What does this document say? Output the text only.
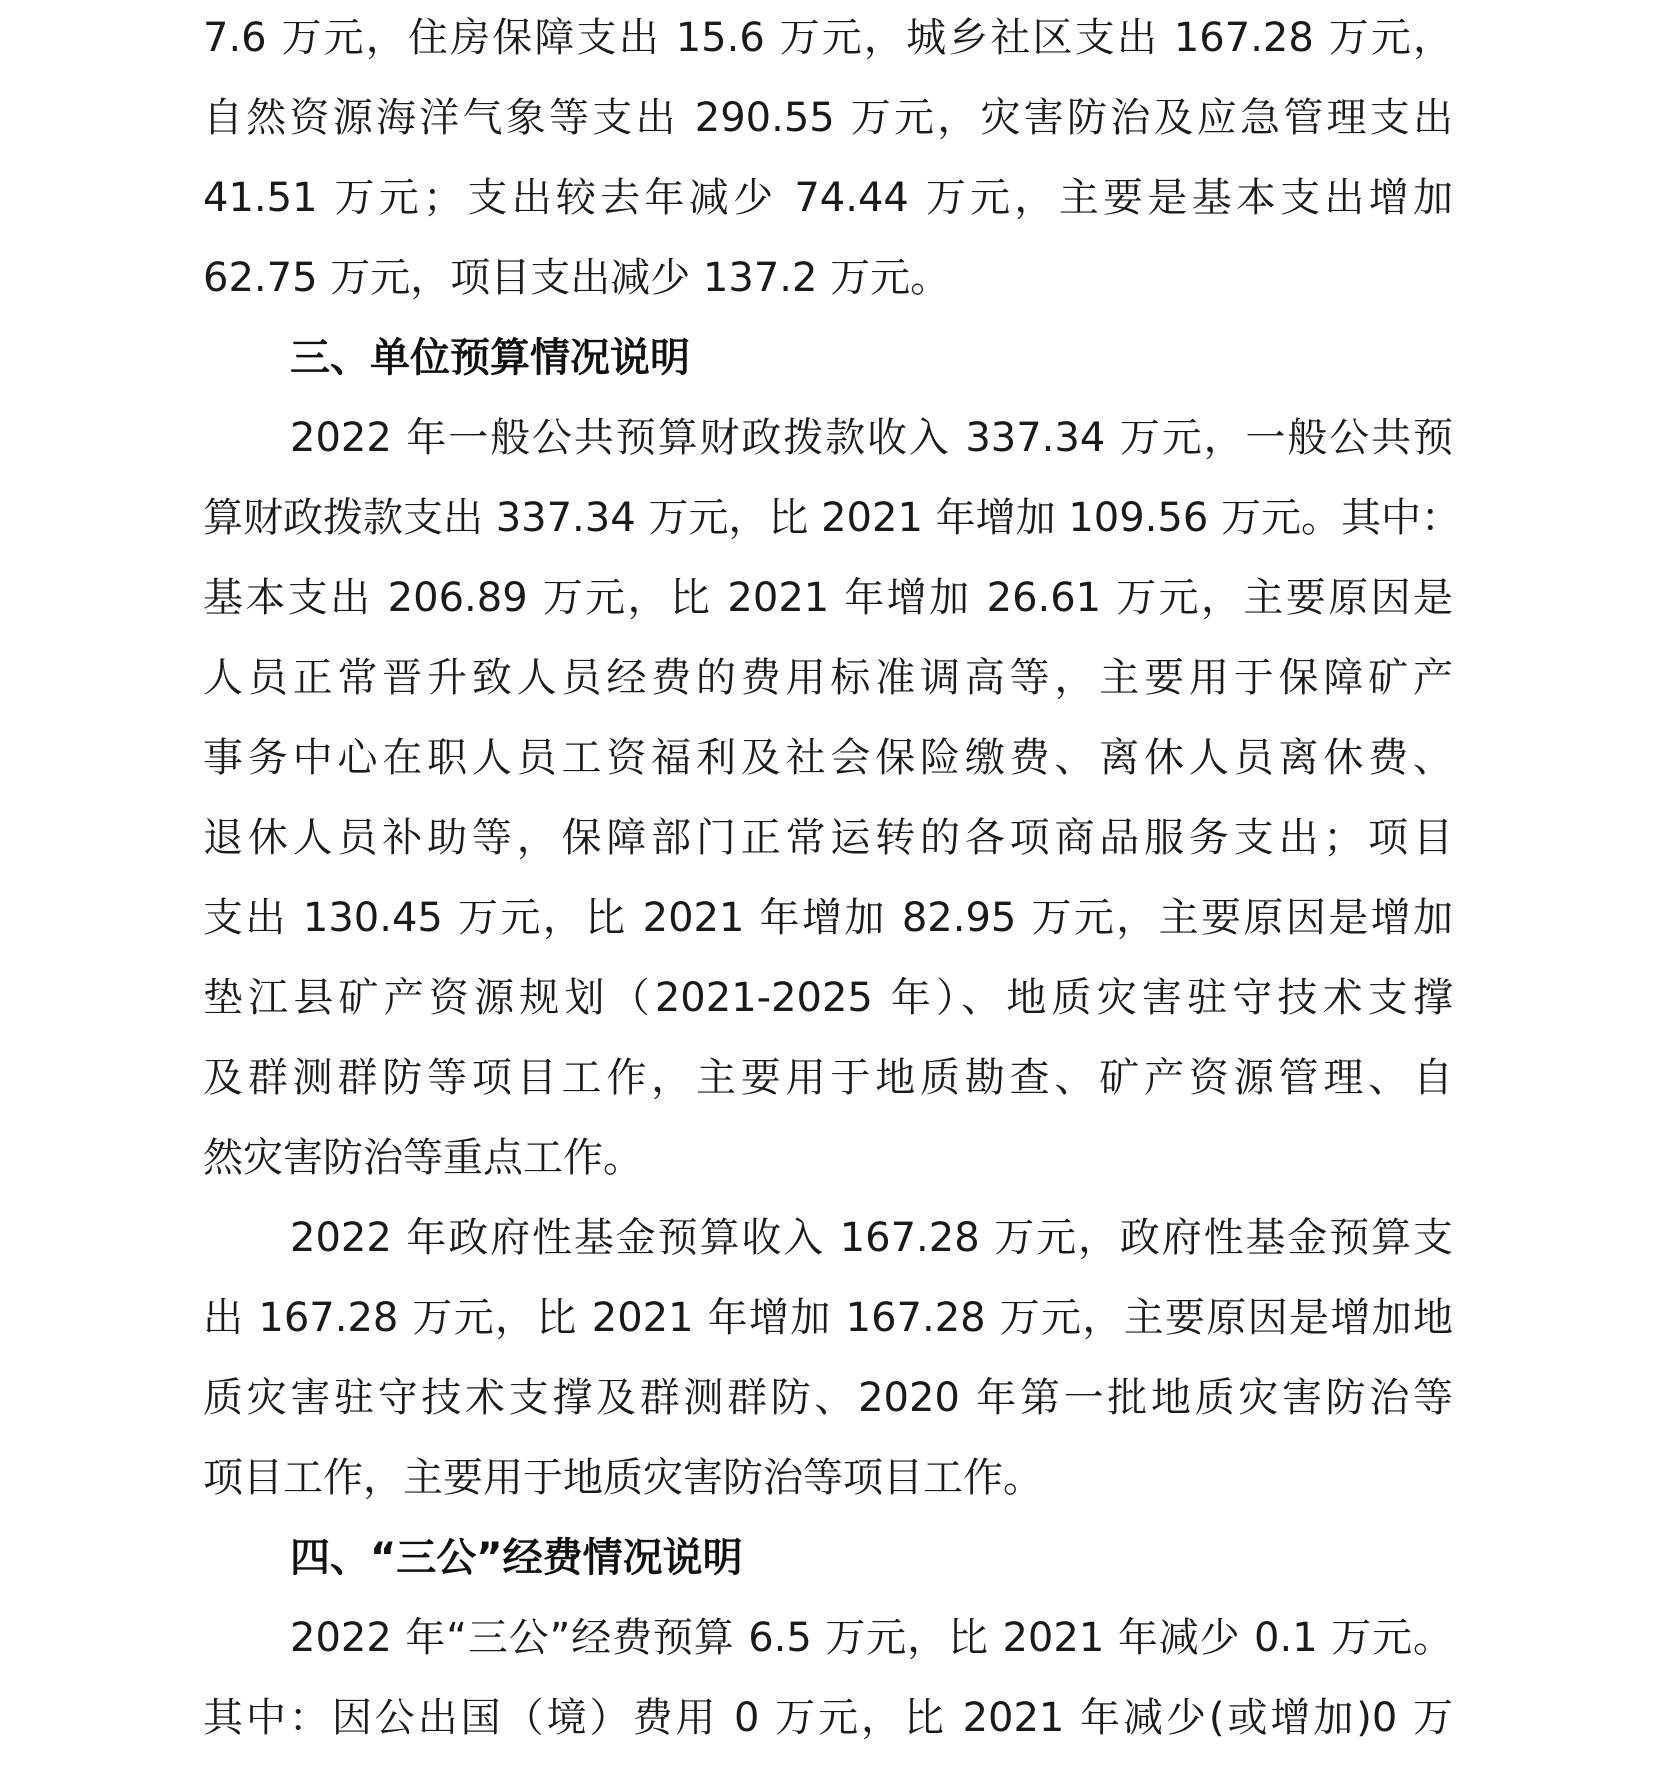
7.6 万元，住房保障支出 15.6 万元，城乡社区支出 167.28 万元，
自然资源海洋气象等支出 290.55 万元，灾害防治及应急管理支出
41.51 万元；支出较去年减少 74.44 万元，主要是基本支出增加
62.75 万元，项目支出减少 137.2 万元。
三、单位预算情况说明
2022 年一般公共预算财政拨款收入 337.34 万元，一般公共预
算财政拨款支出 337.34 万元，比 2021 年增加 109.56 万元。其中：
基本支出 206.89 万元，比 2021 年增加 26.61 万元，主要原因是
人员正常晋升致人员经费的费用标准调高等，主要用于保障矿产
事务中心在职人员工资福利及社会保险缴费、离休人员离休费、
退休人员补助等，保障部门正常运转的各项商品服务支出；项目
支出 130.45 万元，比 2021 年增加 82.95 万元，主要原因是增加
垫江县矿产资源规划（2021-2025 年）、地质灾害驻守技术支撑
及群测群防等项目工作，主要用于地质勘查、矿产资源管理、自
然灾害防治等重点工作。
2022 年政府性基金预算收入 167.28 万元，政府性基金预算支
出 167.28 万元，比 2021 年增加 167.28 万元，主要原因是增加地
质灾害驻守技术支撑及群测群防、2020 年第一批地质灾害防治等
项目工作，主要用于地质灾害防治等项目工作。
四、“三公”经费情况说明
2022 年“三公”经费预算 6.5 万元，比 2021 年减少 0.1 万元。
其中：因公出国（境）费用 0 万元，比 2021 年减少(或增加)0 万
